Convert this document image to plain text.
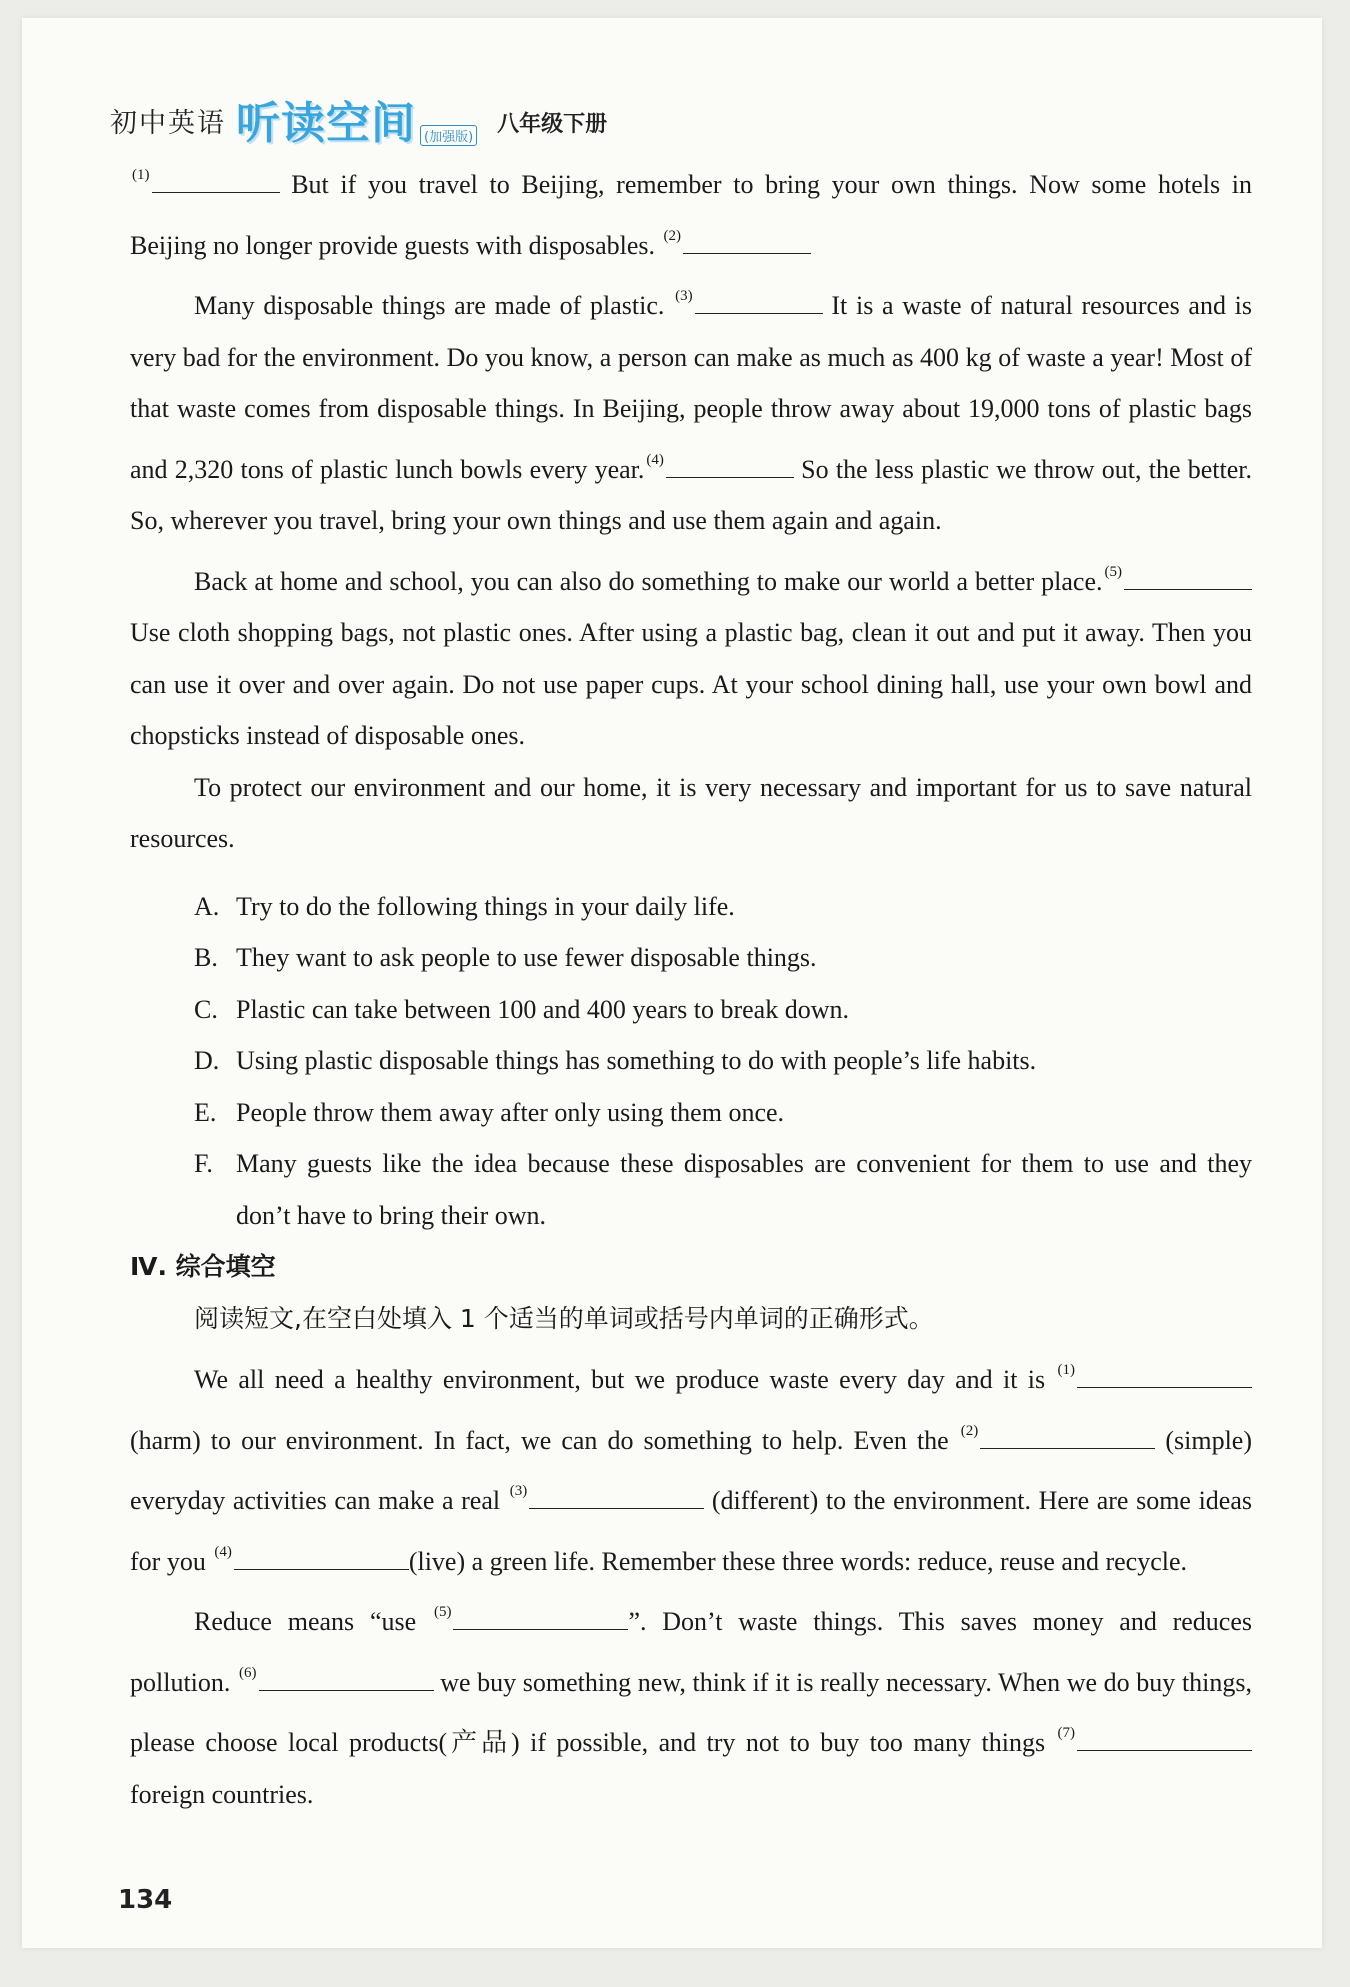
初中英语 听读空间 (加强版)
八年级下册

$^{(1)}$	But if you travel to Beijing, remember to bring your own things. Now some hotels in Beijing no longer provide guests with disposables. $^{(2)}$

Many disposable things are made of plastic. $^{(3)}$	It is a waste of natural resources and is very bad for the environment. Do you know, a person can make as much as 400 kg of waste a year! Most of that waste comes from disposable things. In Beijing, people throw away about 19,000 tons of plastic bags and 2,320 tons of plastic lunch bowls every year. $^{(4)}$	So the less plastic we throw out, the better. So, wherever you travel, bring your own things and use them again and again.

Back at home and school, you can also do something to make our world a better place. $^{(5)}$ Use cloth shopping bags, not plastic ones. After using a plastic bag, clean it out and put it away. Then you can use it over and over again. Do not use paper cups. At your school dining hall, use your own bowl and chopsticks instead of disposable ones.

To protect our environment and our home, it is very necessary and important for us to save natural resources.

A. Try to do the following things in your daily life.
B. They want to ask people to use fewer disposable things.
C. Plastic can take between 100 and 400 years to break down.
D. Using plastic disposable things has something to do with people’s life habits.
E. People throw them away after only using them once.
F. Many guests like the idea because these disposables are convenient for them to use and they don’t have to bring their own.
Ⅳ. 综合填空
阅读短文,在空白处填入 1 个适当的单词或括号内单词的正确形式。

We all need a healthy environment, but we produce waste every day and it is $^{(1)}$(harm) to our environment. In fact, we can do something to help. Even the $^{(2)}$	(simple) everyday activities can make a real $^{(3)}$	(different) to the environment. Here are some ideas for you $^{(4)}$	(live) a green life. Remember these three words: reduce, reuse and recycle.

Reduce means “use $^{(5)}$	”. Don’t waste things. This saves money and reduces pollution. $^{(6)}$	we buy something new, think if it is really necessary. When we do buy things, please choose local products(产品) if possible, and try not to buy too many things $^{(7)}$ foreign countries.

134
